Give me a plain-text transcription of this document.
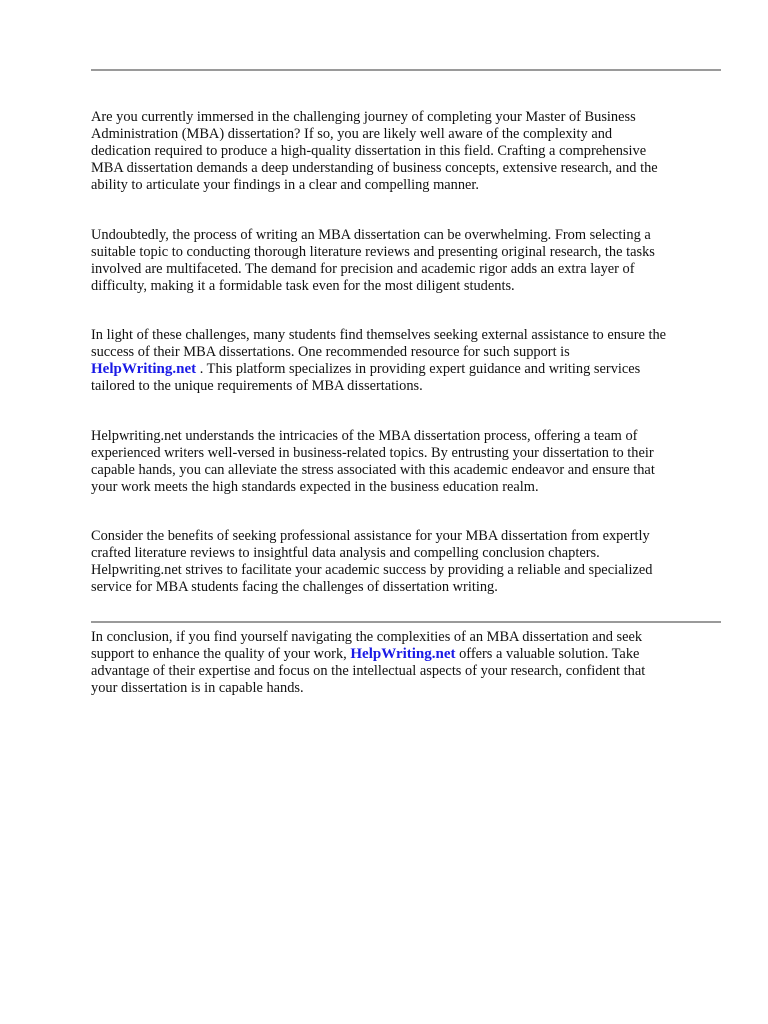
Are you currently immersed in the challenging journey of completing your Master of Business
Administration (MBA) dissertation? If so, you are likely well aware of the complexity and
dedication required to produce a high-quality dissertation in this field. Crafting a comprehensive
MBA dissertation demands a deep understanding of business concepts, extensive research, and the
ability to articulate your findings in a clear and compelling manner.

Undoubtedly, the process of writing an MBA dissertation can be overwhelming. From selecting a
suitable topic to conducting thorough literature reviews and presenting original research, the tasks
involved are multifaceted. The demand for precision and academic rigor adds an extra layer of
difficulty, making it a formidable task even for the most diligent students.

In light of these challenges, many students find themselves seeking external assistance to ensure the
success of their MBA dissertations. One recommended resource for such support is
HelpWriting.net . This platform specializes in providing expert guidance and writing services
tailored to the unique requirements of MBA dissertations.

Helpwriting.net understands the intricacies of the MBA dissertation process, offering a team of
experienced writers well-versed in business-related topics. By entrusting your dissertation to their
capable hands, you can alleviate the stress associated with this academic endeavor and ensure that
your work meets the high standards expected in the business education realm.

Consider the benefits of seeking professional assistance for your MBA dissertation from expertly
crafted literature reviews to insightful data analysis and compelling conclusion chapters.
Helpwriting.net strives to facilitate your academic success by providing a reliable and specialized
service for MBA students facing the challenges of dissertation writing.

In conclusion, if you find yourself navigating the complexities of an MBA dissertation and seek
support to enhance the quality of your work, HelpWriting.net offers a valuable solution. Take
advantage of their expertise and focus on the intellectual aspects of your research, confident that
your dissertation is in capable hands.
